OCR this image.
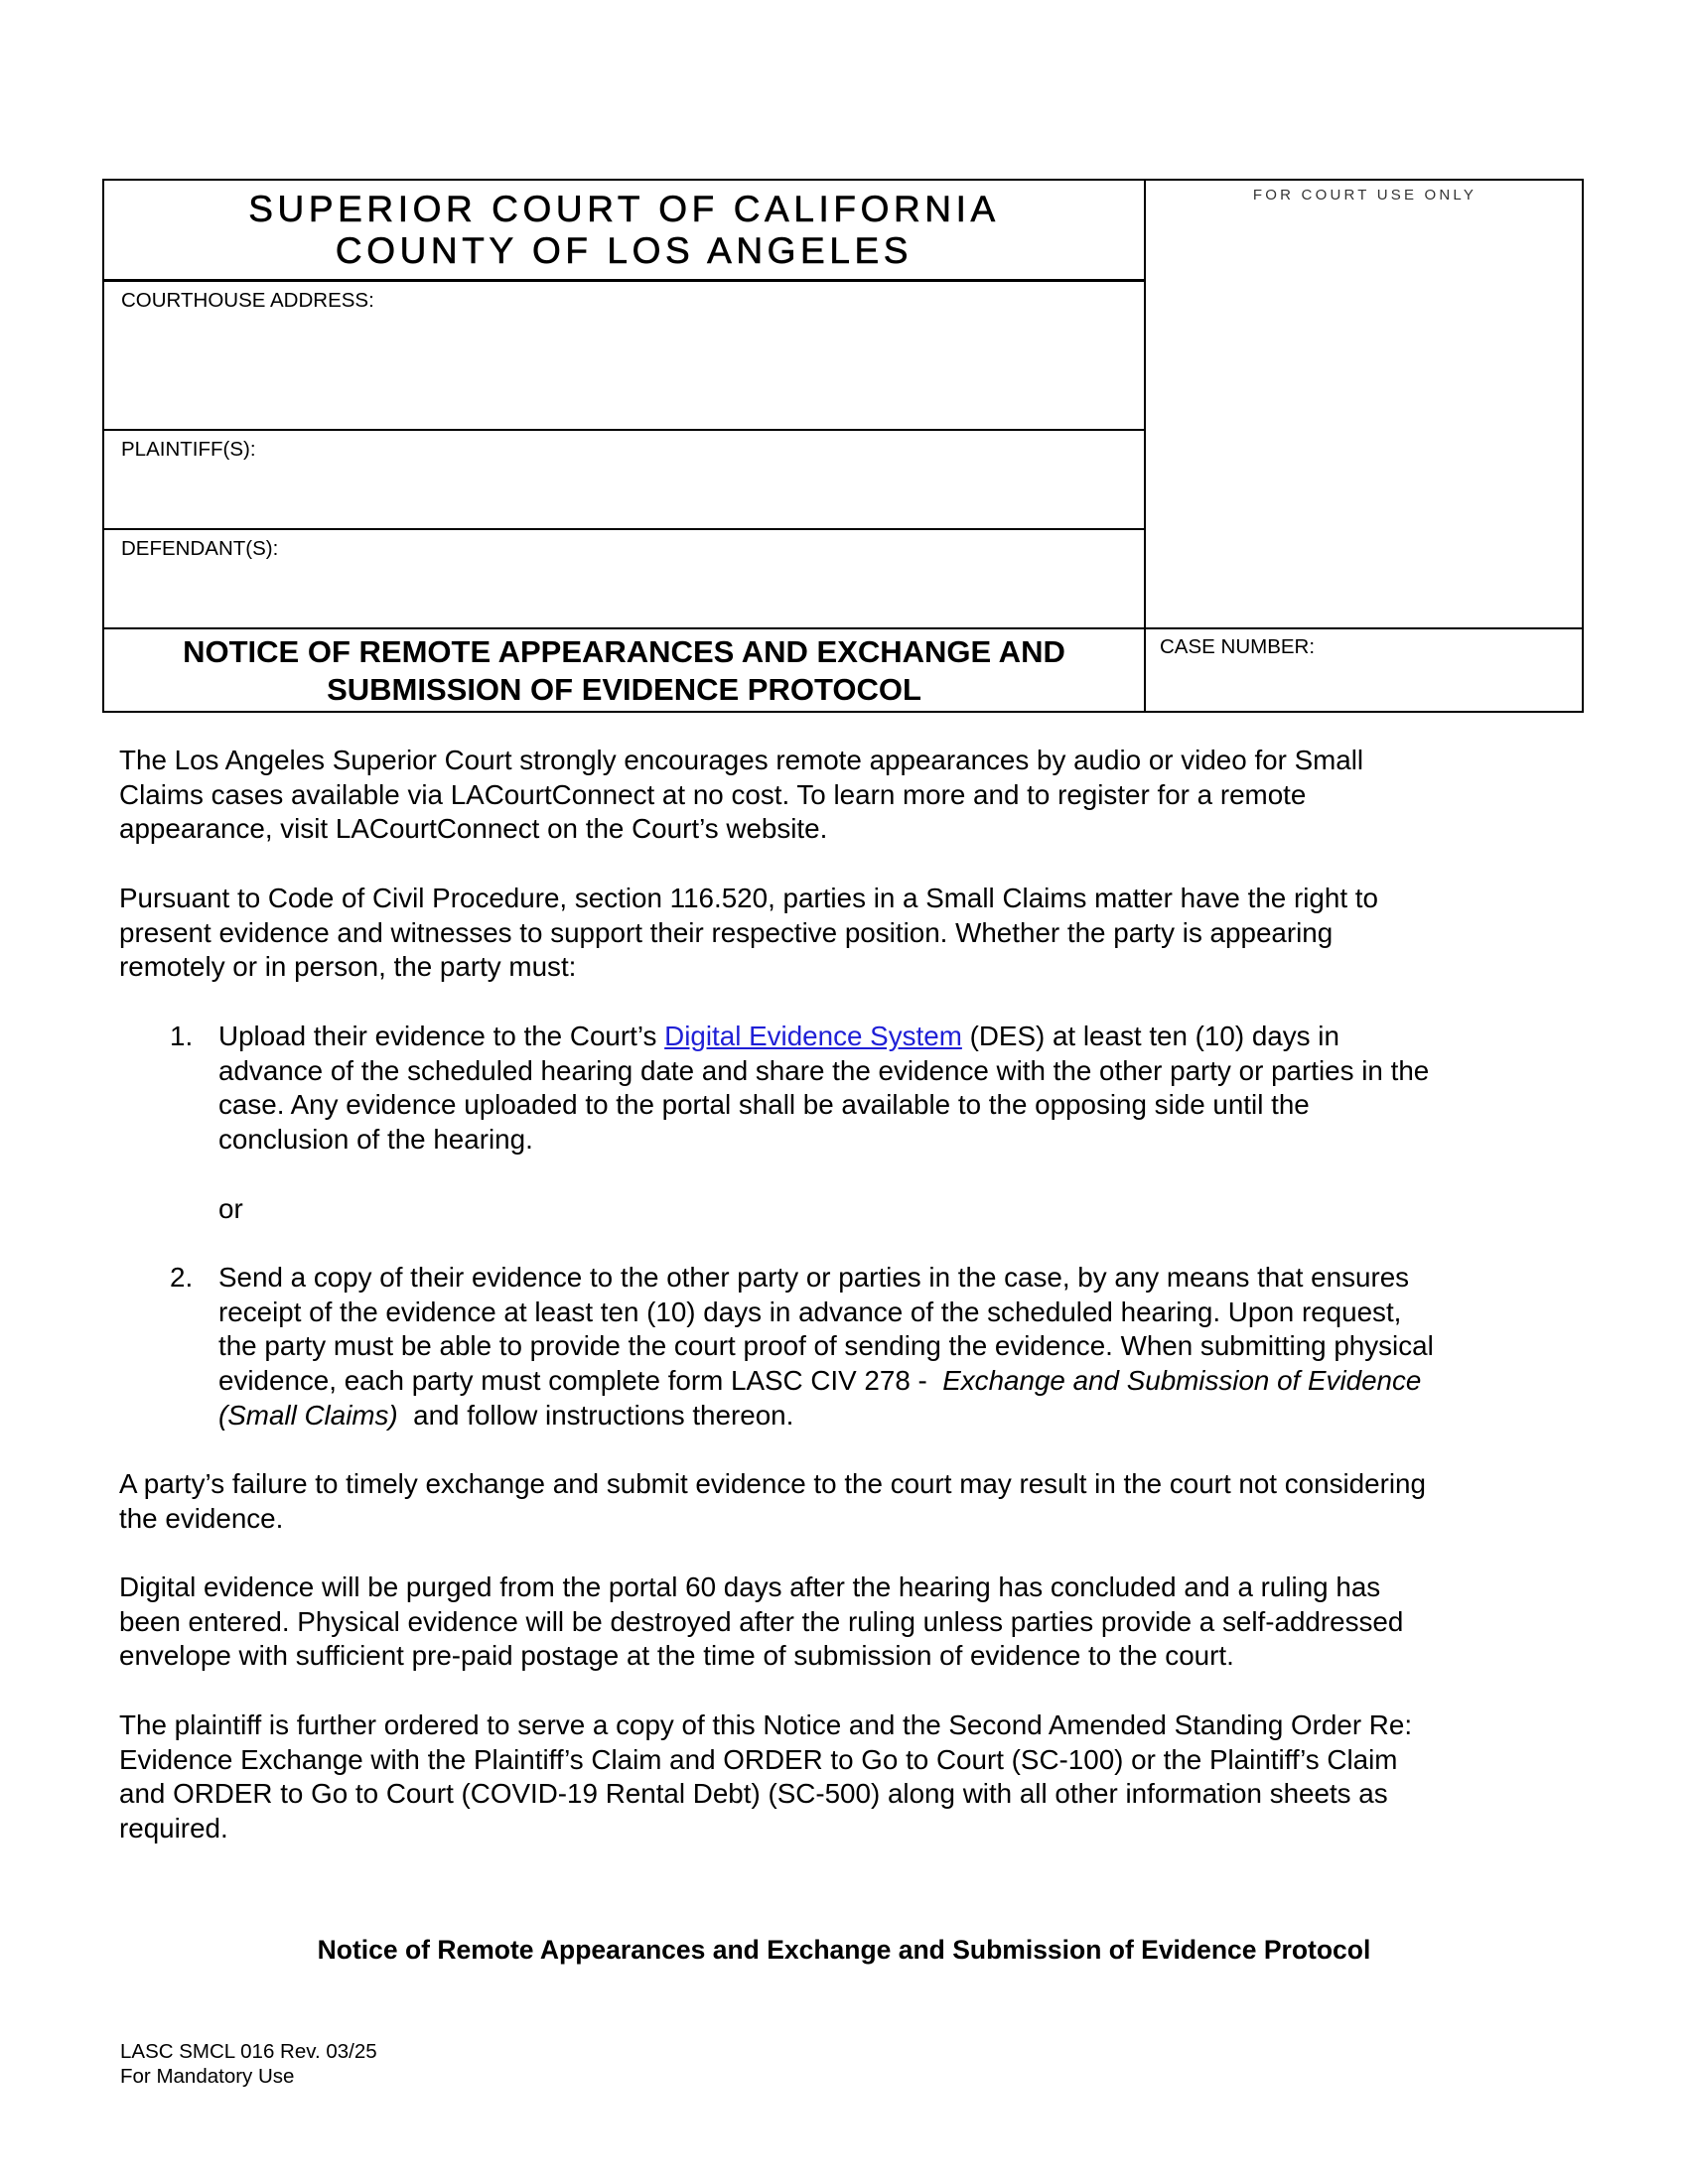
SUPERIOR COURT OF CALIFORNIA
COUNTY OF LOS ANGELES
COURTHOUSE ADDRESS:
PLAINTIFF(S):
DEFENDANT(S):
NOTICE OF REMOTE APPEARANCES AND EXCHANGE AND
SUBMISSION OF EVIDENCE PROTOCOL
FOR COURT USE ONLY
CASE NUMBER:
The Los Angeles Superior Court strongly encourages remote appearances by audio or video for Small
Claims cases available via LACourtConnect at no cost. To learn more and to register for a remote
appearance, visit LACourtConnect on the Court’s website.
Pursuant to Code of Civil Procedure, section 116.520, parties in a Small Claims matter have the right to
present evidence and witnesses to support their respective position. Whether the party is appearing
remotely or in person, the party must:
1. Upload their evidence to the Court’s Digital Evidence System (DES) at least ten (10) days in
advance of the scheduled hearing date and share the evidence with the other party or parties in the
case. Any evidence uploaded to the portal shall be available to the opposing side until the
conclusion of the hearing.
or
2. Send a copy of their evidence to the other party or parties in the case, by any means that ensures
receipt of the evidence at least ten (10) days in advance of the scheduled hearing. Upon request,
the party must be able to provide the court proof of sending the evidence. When submitting physical
evidence, each party must complete form LASC CIV 278 -  Exchange and Submission of Evidence
(Small Claims)  and follow instructions thereon.
A party’s failure to timely exchange and submit evidence to the court may result in the court not considering
the evidence.
Digital evidence will be purged from the portal 60 days after the hearing has concluded and a ruling has
been entered. Physical evidence will be destroyed after the ruling unless parties provide a self-addressed
envelope with sufficient pre-paid postage at the time of submission of evidence to the court.
The plaintiff is further ordered to serve a copy of this Notice and the Second Amended Standing Order Re:
Evidence Exchange with the Plaintiff’s Claim and ORDER to Go to Court (SC-100) or the Plaintiff’s Claim
and ORDER to Go to Court (COVID-19 Rental Debt) (SC-500) along with all other information sheets as
required.
Notice of Remote Appearances and Exchange and Submission of Evidence Protocol
LASC SMCL 016 Rev. 03/25
For Mandatory Use
